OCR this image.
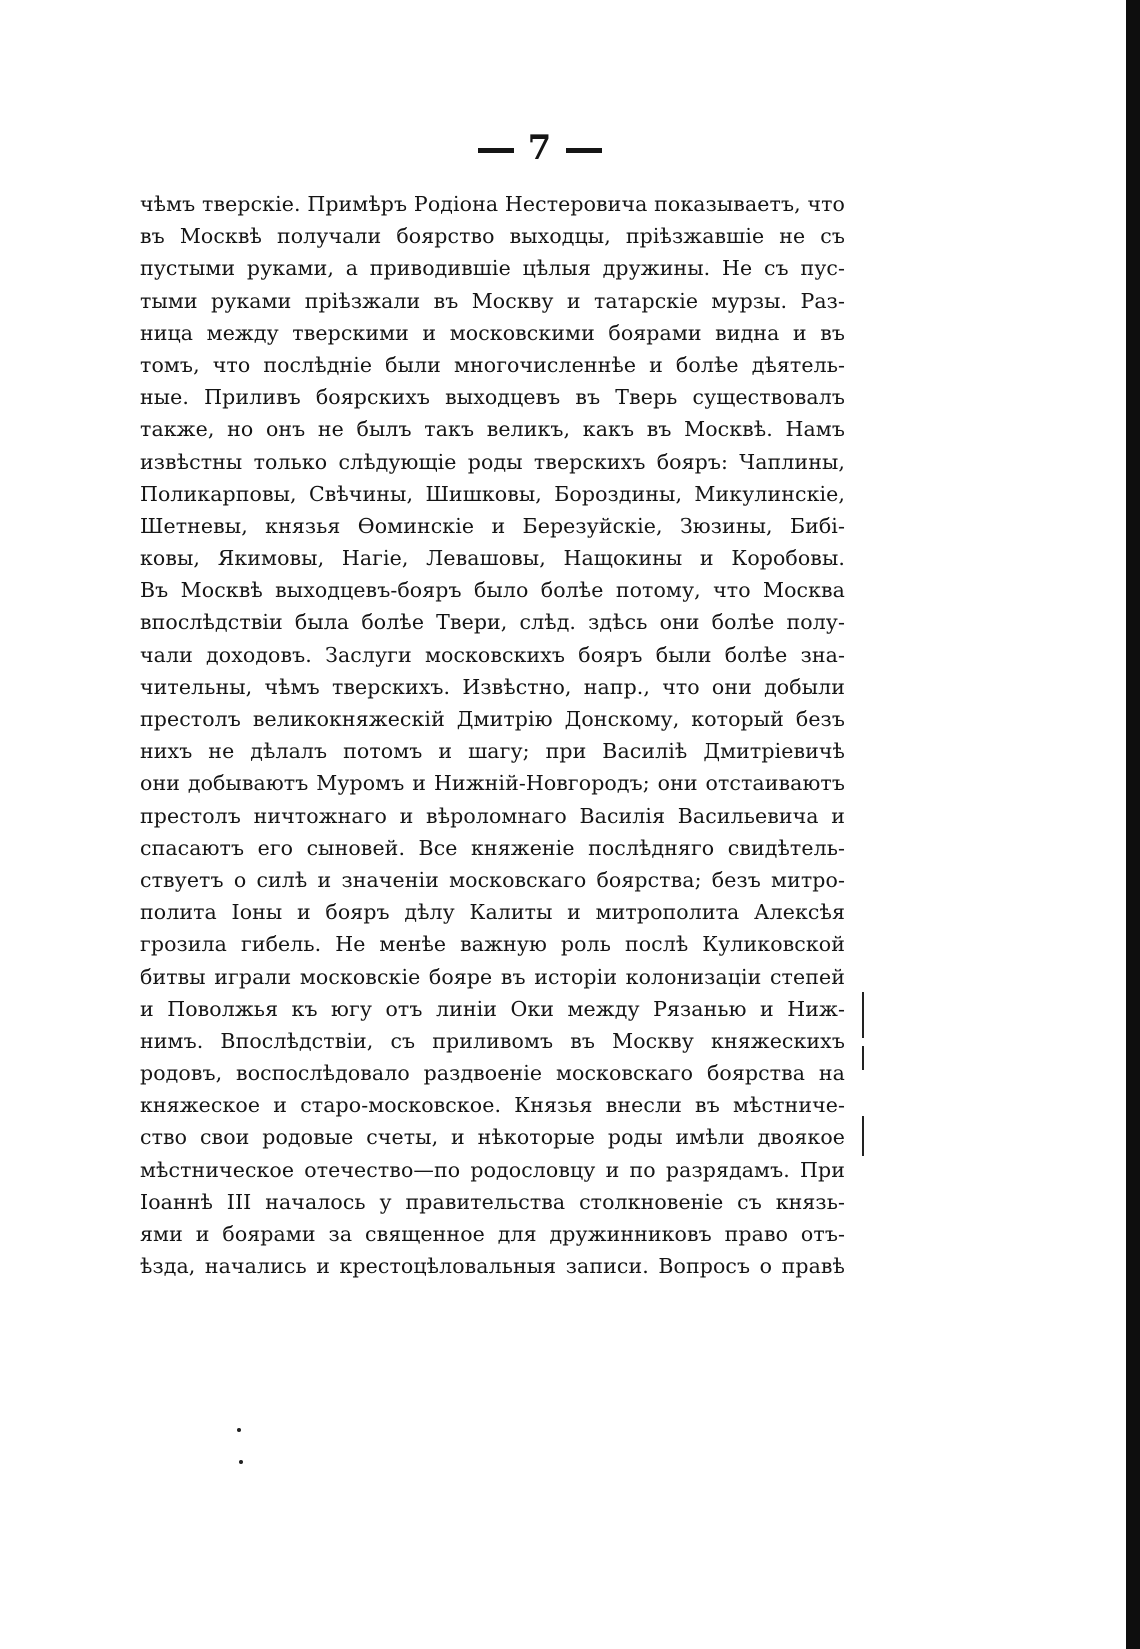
7
чѣмъ тверскіе. Примѣръ Родіона Нестеровича показываетъ, что
въ Москвѣ получали боярство выходцы, пріѣзжавшіе не съ
пустыми руками, а приводившіе цѣлыя дружины. Не съ пус-
тыми руками пріѣзжали въ Москву и татарскіе мурзы. Раз-
ница между тверскими и московскими боярами видна и въ
томъ, что послѣдніе были многочисленнѣе и болѣе дѣятель-
ные. Приливъ боярскихъ выходцевъ въ Тверь существовалъ
также, но онъ не былъ такъ великъ, какъ въ Москвѣ. Намъ
извѣстны только слѣдующіе роды тверскихъ бояръ: Чаплины,
Поликарповы, Свѣчины, Шишковы, Бороздины, Микулинскіе,
Шетневы, князья Ѳоминскіе и Березуйскіе, Зюзины, Бибі-
ковы, Якимовы, Нагіе, Левашовы, Нащокины и Коробовы.
Въ Москвѣ выходцевъ-бояръ было болѣе потому, что Москва
впослѣдствіи была болѣе Твери, слѣд. здѣсь они болѣе полу-
чали доходовъ. Заслуги московскихъ бояръ были болѣе зна-
чительны, чѣмъ тверскихъ. Извѣстно, напр., что они добыли
престолъ великокняжескій Дмитрію Донскому, который безъ
нихъ не дѣлалъ потомъ и шагу; при Василіѣ Дмитріевичѣ
они добываютъ Муромъ и Нижній-Новгородъ; они отстаиваютъ
престолъ ничтожнаго и вѣроломнаго Василія Васильевича и
спасаютъ его сыновей. Все княженіе послѣдняго свидѣтель-
ствуетъ о силѣ и значеніи московскаго боярства; безъ митро-
полита Іоны и бояръ дѣлу Калиты и митрополита Алексѣя
грозила гибель. Не менѣе важную роль послѣ Куликовской
битвы играли московскіе бояре въ исторіи колонизаціи степей
и Поволжья къ югу отъ линіи Оки между Рязанью и Ниж-
нимъ. Впослѣдствіи, съ приливомъ въ Москву княжескихъ
родовъ, воспослѣдовало раздвоеніе московскаго боярства на
княжеское и старо-московское. Князья внесли въ мѣстниче-
ство свои родовые счеты, и нѣкоторые роды имѣли двоякое
мѣстническое отечество—по родословцу и по разрядамъ. При
Іоаннѣ III началось у правительства столкновеніе съ князь-
ями и боярами за священное для дружинниковъ право отъ-
ѣзда, начались и крестоцѣловальныя записи. Вопросъ о правѣ
